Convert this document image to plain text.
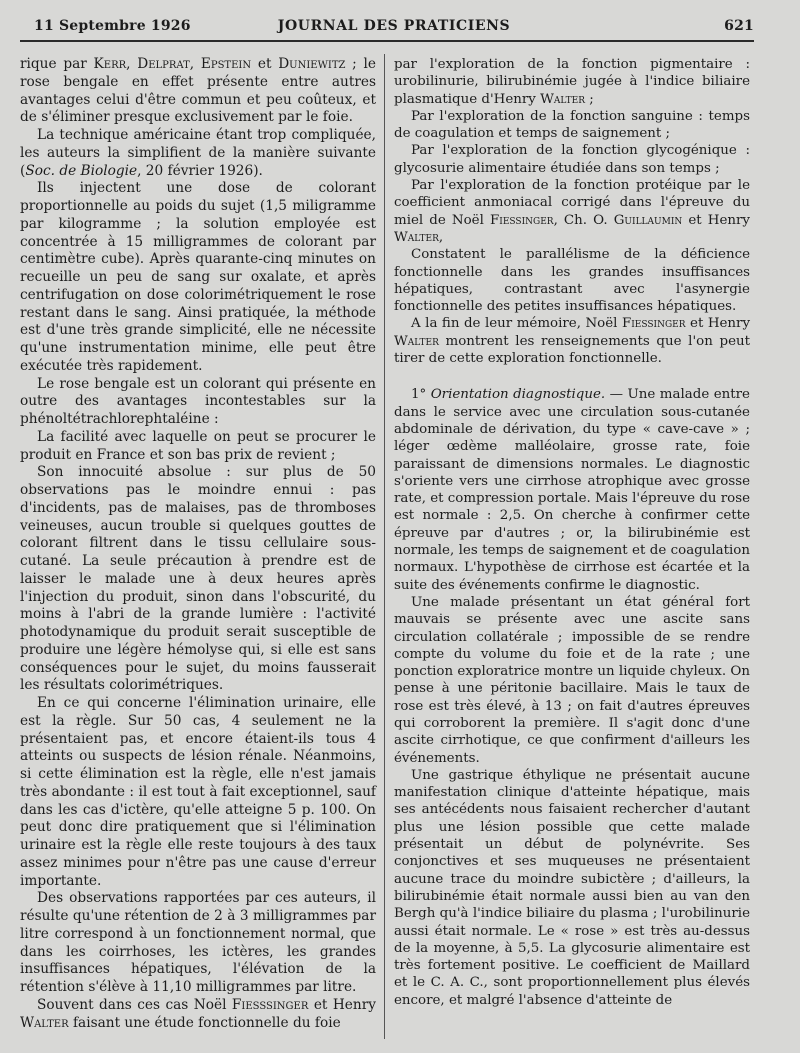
11 Septembre 1926	JOURNAL DES PRATICIENS	621

rique par Kerr, Delprat, Epstein et Duniewitz ; le rose bengale en effet présente entre autres avantages celui d'être commun et peu coûteux, et de s'éliminer presque exclusivement par le foie.

La technique américaine étant trop compliquée, les auteurs la simplifient de la manière suivante (Soc. de Biologie, 20 février 1926).

Ils injectent une dose de colorant proportionnelle au poids du sujet (1,5 miligramme par kilogramme ; la solution employée est concentrée à 15 milligrammes de colorant par centimètre cube). Après quarante-cinq minutes on recueille un peu de sang sur oxalate, et après centrifugation on dose colorimétriquement le rose restant dans le sang. Ainsi pratiquée, la méthode est d'une très grande simplicité, elle ne nécessite qu'une instrumentation minime, elle peut être exécutée très rapidement.

Le rose bengale est un colorant qui présente en outre des avantages incontestables sur la phénoltétrachlorephtaléine :

La facilité avec laquelle on peut se procurer le produit en France et son bas prix de revient ;

Son innocuité absolue : sur plus de 50 observations pas le moindre ennui : pas d'incidents, pas de malaises, pas de thromboses veineuses, aucun trouble si quelques gouttes de colorant filtrent dans le tissu cellulaire sous-cutané. La seule précaution à prendre est de laisser le malade une à deux heures après l'injection du produit, sinon dans l'obscurité, du moins à l'abri de la grande lumière : l'activité photodynamique du produit serait susceptible de produire une légère hémolyse qui, si elle est sans conséquences pour le sujet, du moins fausserait les résultats colorimétriques.

En ce qui concerne l'élimination urinaire, elle est la règle. Sur 50 cas, 4 seulement ne la présentaient pas, et encore étaient-ils tous 4 atteints ou suspects de lésion rénale. Néanmoins, si cette élimination est la règle, elle n'est jamais très abondante : il est tout à fait exceptionnel, sauf dans les cas d'ictère, qu'elle atteigne 5 p. 100. On peut donc dire pratiquement que si l'élimination urinaire est la règle elle reste toujours à des taux assez minimes pour n'être pas une cause d'erreur importante.

Des observations rapportées par ces auteurs, il résulte qu'une rétention de 2 à 3 milligrammes par litre correspond à un fonctionnement normal, que dans les coirrhoses, les ictères, les grandes insuffisances hépatiques, l'élévation de la rétention s'élève à 11,10 milligrammes par litre.

Souvent dans ces cas Noël Fiesssinger et Henry Walter faisant une étude fonctionnelle du foie

par l'exploration de la fonction pigmentaire : urobilinurie, bilirubinémie jugée à l'indice biliaire plasmatique d'Henry Walter ;

Par l'exploration de la fonction sanguine : temps de coagulation et temps de saignement ;

Par l'exploration de la fonction glycogénique : glycosurie alimentaire étudiée dans son temps ;

Par l'exploration de la fonction protéique par le coefficient anmoniacal corrigé dans l'épreuve du miel de Noël Fiessinger, Ch. O. Guillaumin et Henry Walter,

Constatent le parallélisme de la déficience fonctionnelle dans les grandes insuffisances hépatiques, contrastant avec l'asynergie fonctionnelle des petites insuffisances hépatiques.

A la fin de leur mémoire, Noël Fiessinger et Henry Walter montrent les renseignements que l'on peut tirer de cette exploration fonctionnelle.

1° Orientation diagnostique. — Une malade entre dans le service avec une circulation sous-cutanée abdominale de dérivation, du type « cave-cave » ; léger œdème malléolaire, grosse rate, foie paraissant de dimensions normales. Le diagnostic s'oriente vers une cirrhose atrophique avec grosse rate, et compression portale. Mais l'épreuve du rose est normale : 2,5. On cherche à confirmer cette épreuve par d'autres ; or, la bilirubinémie est normale, les temps de saignement et de coagulation normaux. L'hypothèse de cirrhose est écartée et la suite des événements confirme le diagnostic.

Une malade présentant un état général fort mauvais se présente avec une ascite sans circulation collatérale ; impossible de se rendre compte du volume du foie et de la rate ; une ponction exploratrice montre un liquide chyleux. On pense à une péritonie bacillaire. Mais le taux de rose est très élevé, à 13 ; on fait d'autres épreuves qui corroborent la première. Il s'agit donc d'une ascite cirrhotique, ce que confirment d'ailleurs les événements.

Une gastrique éthylique ne présentait aucune manifestation clinique d'atteinte hépatique, mais ses antécédents nous faisaient rechercher d'autant plus une lésion possible que cette malade présentait un début de polynévrite. Ses conjonctives et ses muqueuses ne présentaient aucune trace du moindre subictère ; d'ailleurs, la bilirubinémie était normale aussi bien au van den Bergh qu'à l'indice biliaire du plasma ; l'urobilinurie aussi était normale. Le « rose » est très au-dessus de la moyenne, à 5,5. La glycosurie alimentaire est très fortement positive. Le coefficient de Maillard et le C. A. C., sont proportionnellement plus élevés encore, et malgré l'absence d'atteinte de
